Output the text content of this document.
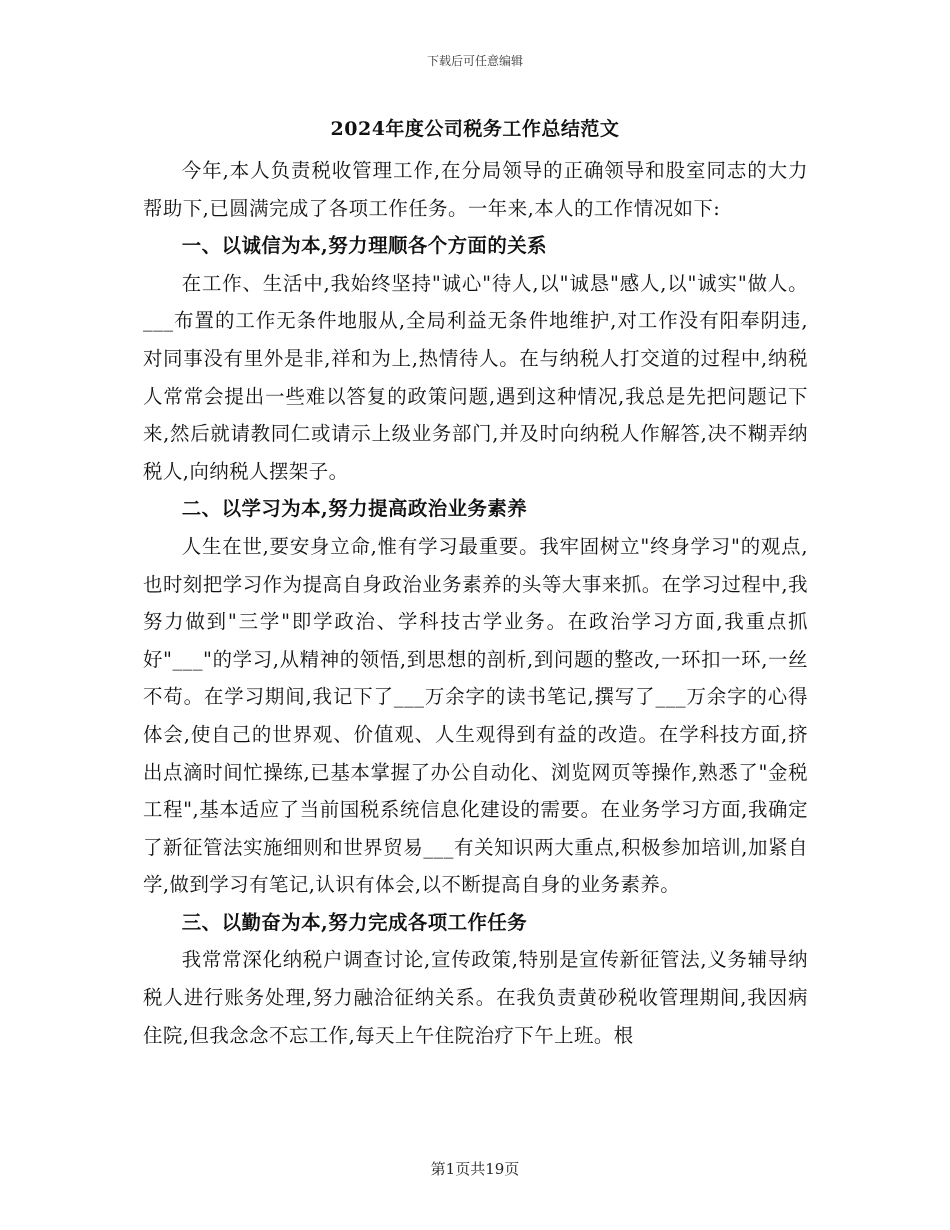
下载后可任意编辑
2024年度公司税务工作总结范文

今年,本人负责税收管理工作,在分局领导的正确领导和股室同志的大力帮助下,已圆满完成了各项工作任务。一年来,本人的工作情况如下:

一、以诚信为本,努力理顺各个方面的关系

在工作、生活中,我始终坚持"诚心"待人,以"诚恳"感人,以"诚实"做人。___布置的工作无条件地服从,全局利益无条件地维护,对工作没有阳奉阴违,对同事没有里外是非,祥和为上,热情待人。在与纳税人打交道的过程中,纳税人常常会提出一些难以答复的政策问题,遇到这种情况,我总是先把问题记下来,然后就请教同仁或请示上级业务部门,并及时向纳税人作解答,决不糊弄纳税人,向纳税人摆架子。

二、以学习为本,努力提高政治业务素养

人生在世,要安身立命,惟有学习最重要。我牢固树立"终身学习"的观点,也时刻把学习作为提高自身政治业务素养的头等大事来抓。在学习过程中,我努力做到"三学"即学政治、学科技古学业务。在政治学习方面,我重点抓好"___"的学习,从精神的领悟,到思想的剖析,到问题的整改,一环扣一环,一丝不苟。在学习期间,我记下了___万余字的读书笔记,撰写了___万余字的心得体会,使自己的世界观、价值观、人生观得到有益的改造。在学科技方面,挤出点滴时间忙操练,已基本掌握了办公自动化、浏览网页等操作,熟悉了"金税工程",基本适应了当前国税系统信息化建设的需要。在业务学习方面,我确定了新征管法实施细则和世界贸易___有关知识两大重点,积极参加培训,加紧自学,做到学习有笔记,认识有体会,以不断提高自身的业务素养。

三、以勤奋为本,努力完成各项工作任务

我常常深化纳税户调查讨论,宣传政策,特别是宣传新征管法,义务辅导纳税人进行账务处理,努力融洽征纳关系。在我负责黄砂税收管理期间,我因病住院,但我念念不忘工作,每天上午住院治疗下午上班。根

第1页共19页
